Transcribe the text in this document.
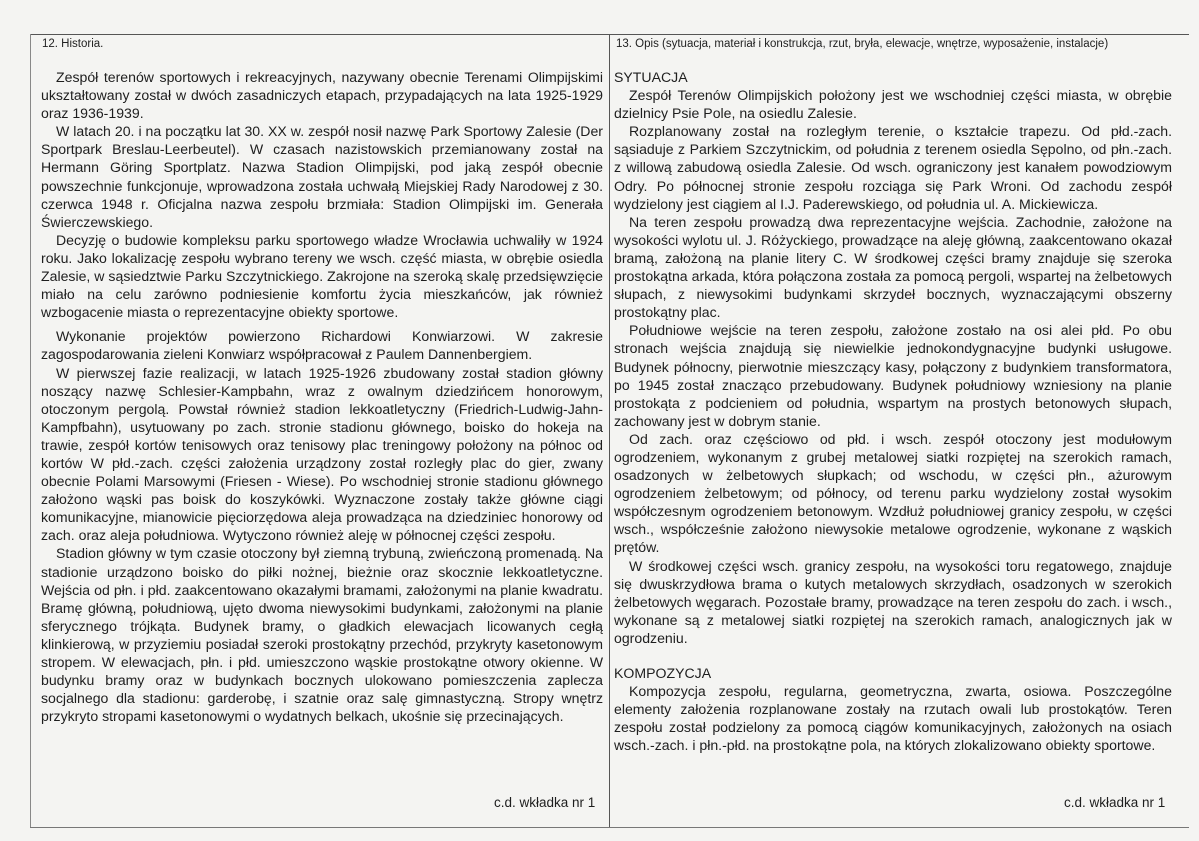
12. Historia.	13. Opis (sytuacja, materiał i konstrukcja, rzut, bryła, elewacje, wnętrze, wyposażenie, instalacje)

Zespół terenów sportowych i rekreacyjnych, nazywany obecnie Terenami Olimpijskimi ukształtowany został w dwóch zasadniczych etapach, przypadających na lata 1925-1929 oraz 1936-1939.

W latach 20. i na początku lat 30. XX w. zespół nosił nazwę Park Sportowy Zalesie (Der Sportpark Breslau-Leerbeutel). W czasach nazistowskich przemianowany został na Hermann Göring Sportplatz. Nazwa Stadion Olimpijski, pod jaką zespół obecnie powszechnie funkcjonuje, wprowadzona została uchwałą Miejskiej Rady Narodowej z 30. czerwca 1948 r. Oficjalna nazwa zespołu brzmiała: Stadion Olimpijski im. Generała Świerczewskiego.

Decyzję o budowie kompleksu parku sportowego władze Wrocławia uchwaliły w 1924 roku. Jako lokalizację zespołu wybrano tereny we wsch. część miasta, w obrębie osiedla Zalesie, w sąsiedztwie Parku Szczytnickiego. Zakrojone na szeroką skalę przedsięwzięcie miało na celu zarówno podniesienie komfortu życia mieszkańców, jak również wzbogacenie miasta o reprezentacyjne obiekty sportowe.

Wykonanie projektów powierzono Richardowi Konwiarzowi. W zakresie zagospodarowania zieleni Konwiarz współpracował z Paulem Dannenbergiem.

W pierwszej fazie realizacji, w latach 1925-1926 zbudowany został stadion główny noszący nazwę Schlesier-Kampbahn, wraz z owalnym dziedzińcem honorowym, otoczonym pergolą. Powstał również stadion lekkoatletyczny (Friedrich-Ludwig-Jahn-Kampfbahn), usytuowany po zach. stronie stadionu głównego, boisko do hokeja na trawie, zespół kortów tenisowych oraz tenisowy plac treningowy położony na północ od kortów W płd.-zach. części założenia urządzony został rozległy plac do gier, zwany obecnie Polami Marsowymi (Friesen - Wiese). Po wschodniej stronie stadionu głównego założono wąski pas boisk do koszykówki. Wyznaczone zostały także główne ciągi komunikacyjne, mianowicie pięciorzędowa aleja prowadząca na dziedziniec honorowy od zach. oraz aleja południowa. Wytyczono również aleję w północnej części zespołu.

Stadion główny w tym czasie otoczony był ziemną trybuną, zwieńczoną promenadą. Na stadionie urządzono boisko do piłki nożnej, bieżnie oraz skocznie lekkoatletyczne. Wejścia od płn. i płd. zaakcentowano okazałymi bramami, założonymi na planie kwadratu. Bramę główną, południową, ujęto dwoma niewysokimi budynkami, założonymi na planie sferycznego trójkąta. Budynek bramy, o gładkich elewacjach licowanych cegłą klinkierową, w przyziemiu posiadał szeroki prostokątny przechód, przykryty kasetonowym stropem. W elewacjach, płn. i płd. umieszczono wąskie prostokątne otwory okienne. W budynku bramy oraz w budynkach bocznych ulokowano pomieszczenia zaplecza socjalnego dla stadionu: garderobę, i szatnie oraz salę gimnastyczną. Stropy wnętrz przykryto stropami kasetonowymi o wydatnych belkach, ukośnie się przecinających.

SYTUACJA

Zespół Terenów Olimpijskich położony jest we wschodniej części miasta, w obrębie dzielnicy Psie Pole, na osiedlu Zalesie.

Rozplanowany został na rozległym terenie, o kształcie trapezu. Od płd.-zach. sąsiaduje z Parkiem Szczytnickim, od południa z terenem osiedla Sępolno, od płn.-zach. z willową zabudową osiedla Zalesie. Od wsch. ograniczony jest kanałem powodziowym Odry. Po północnej stronie zespołu rozciąga się Park Wroni. Od zachodu zespół wydzielony jest ciągiem al I.J. Paderewskiego, od południa ul. A. Mickiewicza.

Na teren zespołu prowadzą dwa reprezentacyjne wejścia. Zachodnie, założone na wysokości wylotu ul. J. Różyckiego, prowadzące na aleję główną, zaakcentowano okazał bramą, założoną na planie litery C. W środkowej części bramy znajduje się szeroka prostokątna arkada, która połączona została za pomocą pergoli, wspartej na żelbetowych słupach, z niewysokimi budynkami skrzydeł bocznych, wyznaczającymi obszerny prostokątny plac.

Południowe wejście na teren zespołu, założone zostało na osi alei płd. Po obu stronach wejścia znajdują się niewielkie jednokondygnacyjne budynki usługowe. Budynek północny, pierwotnie mieszczący kasy, połączony z budynkiem transformatora, po 1945 został znacząco przebudowany. Budynek południowy wzniesiony na planie prostokąta z podcieniem od południa, wspartym na prostych betonowych słupach, zachowany jest w dobrym stanie.

Od zach. oraz częściowo od płd. i wsch. zespół otoczony jest modułowym ogrodzeniem, wykonanym z grubej metalowej siatki rozpiętej na szerokich ramach, osadzonych w żelbetowych słupkach; od wschodu, w części płn., ażurowym ogrodzeniem żelbetowym; od północy, od terenu parku wydzielony został wysokim współczesnym ogrodzeniem betonowym. Wzdłuż południowej granicy zespołu, w części wsch., współcześnie założono niewysokie metalowe ogrodzenie, wykonane z wąskich prętów.

W środkowej części wsch. granicy zespołu, na wysokości toru regatowego, znajduje się dwuskrzydłowa brama o kutych metalowych skrzydłach, osadzonych w szerokich żelbetowych węgarach. Pozostałe bramy, prowadzące na teren zespołu do zach. i wsch., wykonane są z metalowej siatki rozpiętej na szerokich ramach, analogicznych jak w ogrodzeniu.

KOMPOZYCJA

Kompozycja zespołu, regularna, geometryczna, zwarta, osiowa. Poszczególne elementy założenia rozplanowane zostały na rzutach owali lub prostokątów. Teren zespołu został podzielony za pomocą ciągów komunikacyjnych, założonych na osiach wsch.-zach. i płn.-płd. na prostokątne pola, na których zlokalizowano obiekty sportowe.

c.d. wkładka nr 1	c.d. wkładka nr 1
